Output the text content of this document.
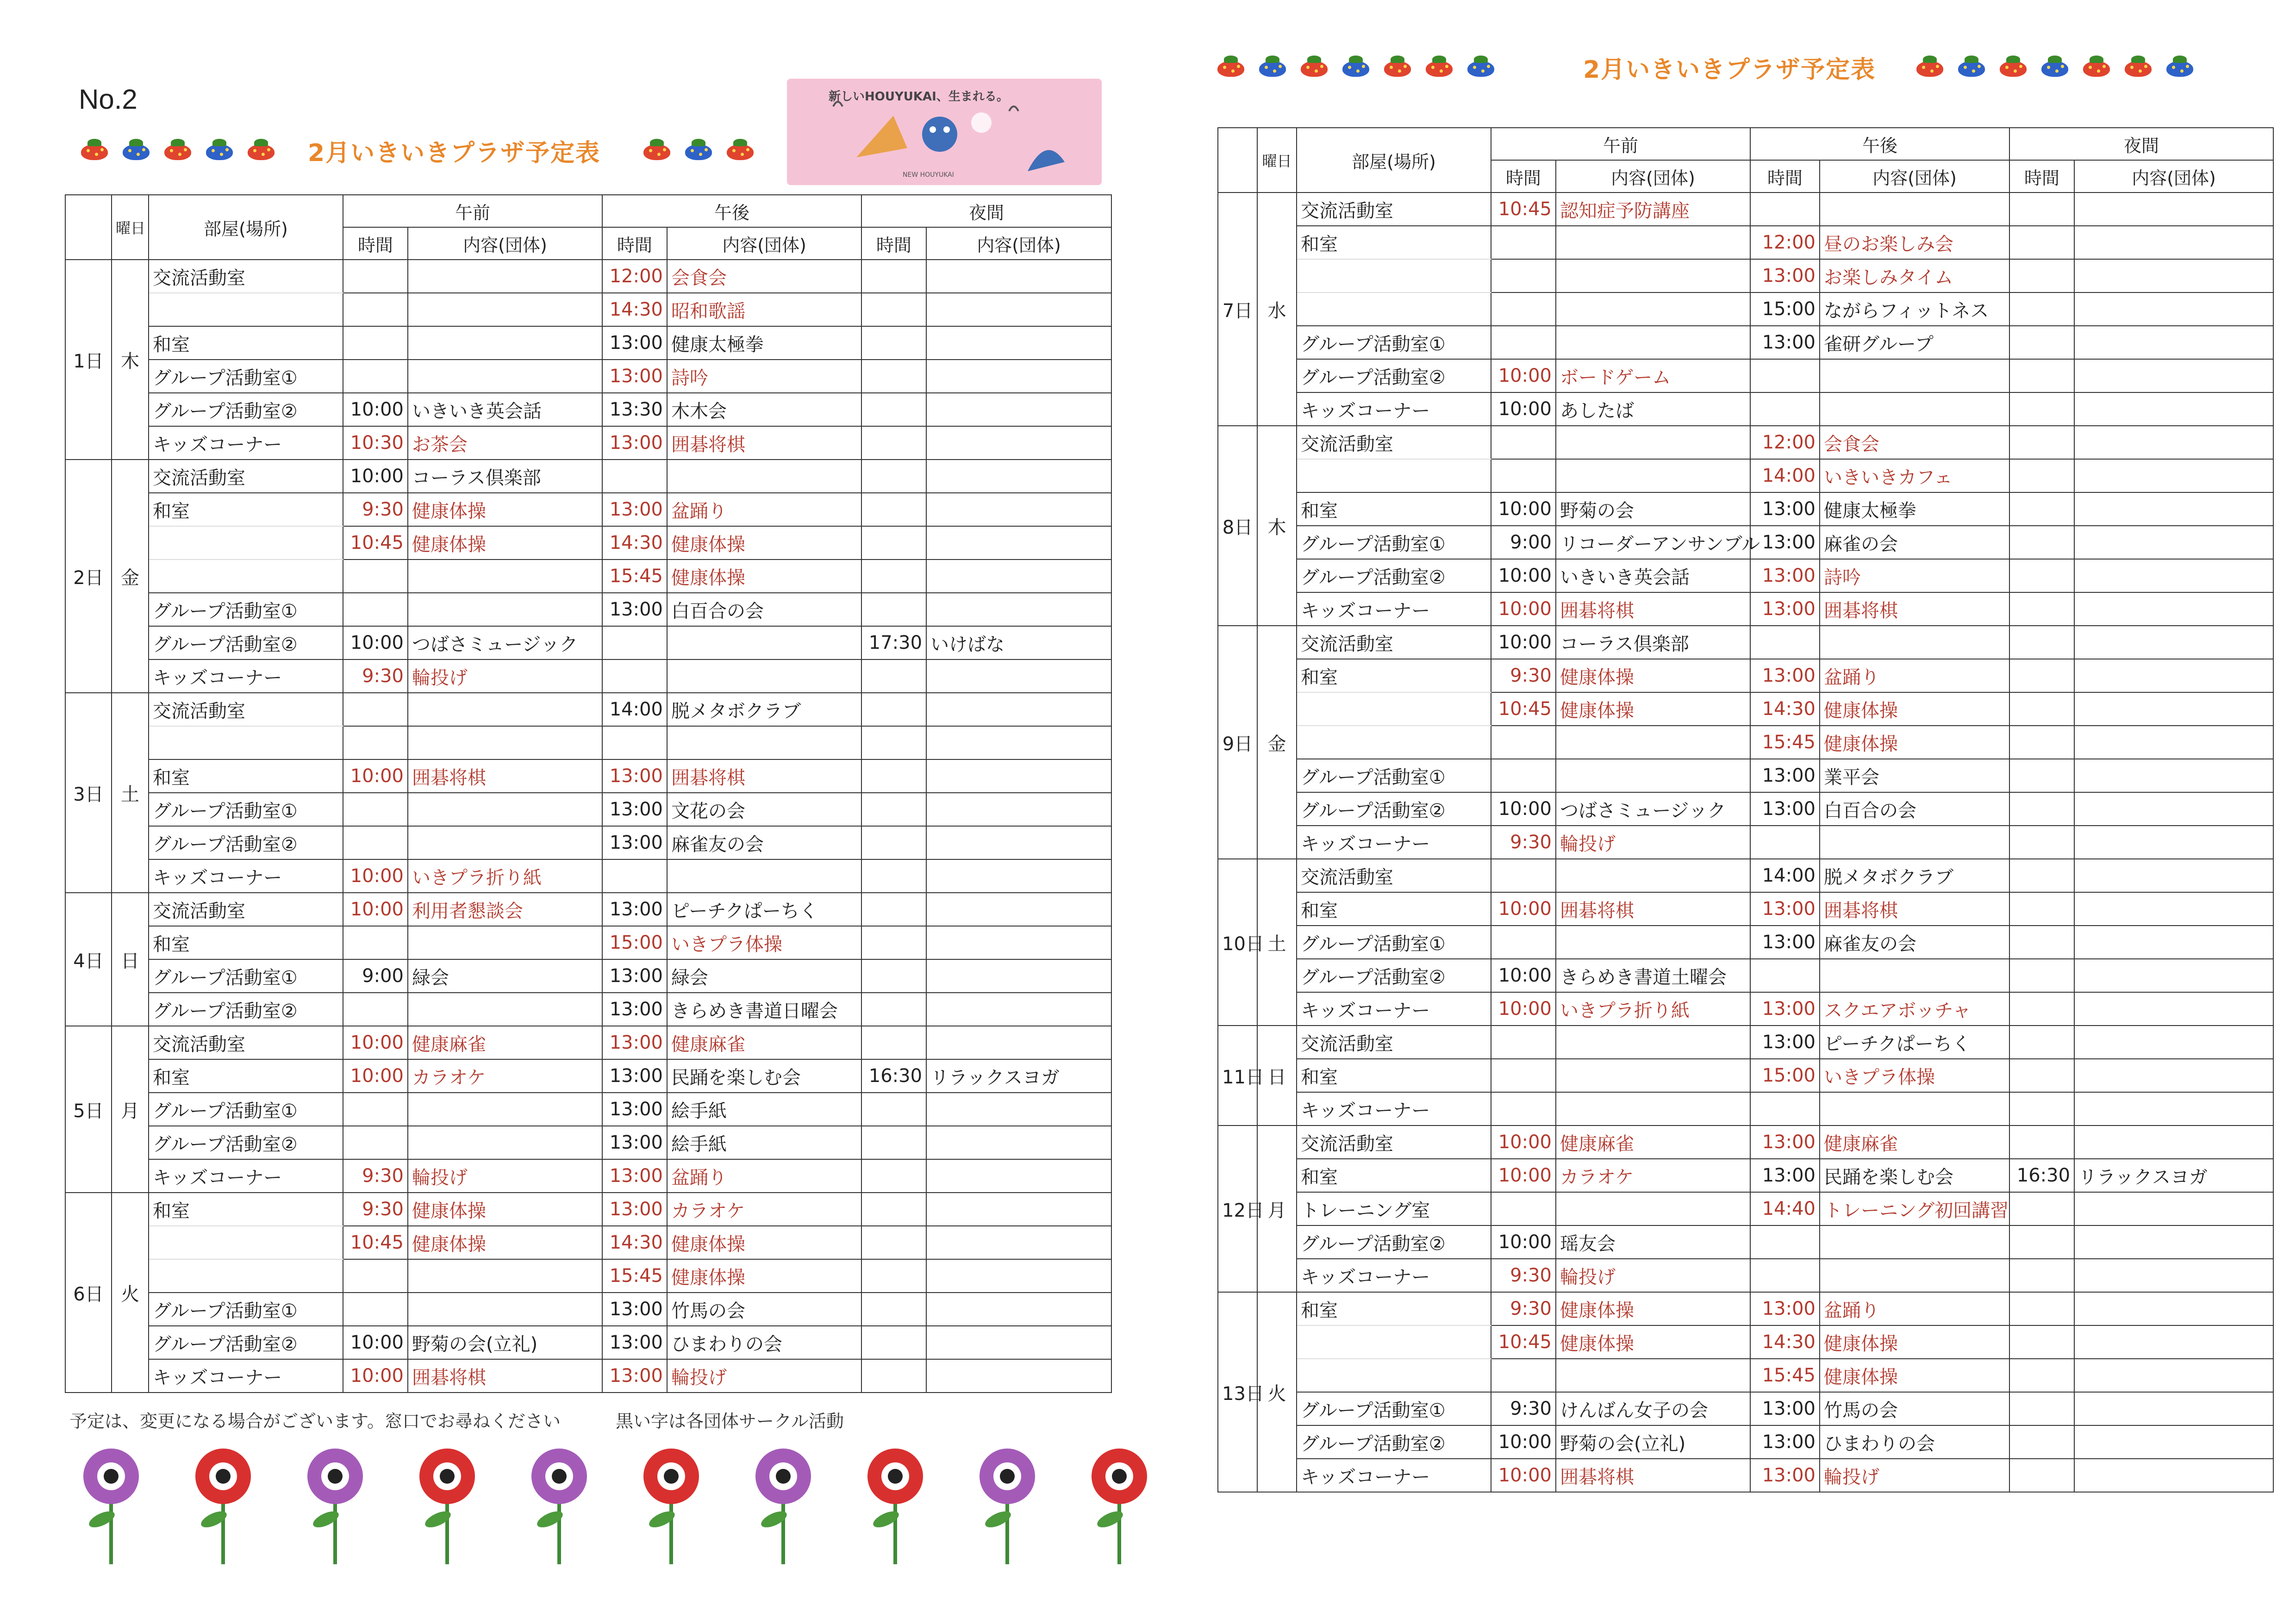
No.2
2月いきいきプラザ予定表
新しいHOUYUKAI、生まれる。
NEW HOUYUKAI
2月いきいきプラザ予定表
	曜日	部屋(場所)	午前		午後		夜間	
			時間	内容(団体)	時間	内容(団体)	時間	内容(団体)
1日	木	交流活動室			12:00	会食会		
					14:30	昭和歌謡		
		和室			13:00	健康太極拳		
		グループ活動室①			13:00	詩吟		
		グループ活動室②	10:00	いきいき英会話	13:30	木木会		
		キッズコーナー	10:30	お茶会	13:00	囲碁将棋		
2日	金	交流活動室	10:00	コーラス倶楽部				
		和室	9:30	健康体操	13:00	盆踊り		
			10:45	健康体操	14:30	健康体操		
					15:45	健康体操		
		グループ活動室①			13:00	白百合の会		
		グループ活動室②	10:00	つばさミュージック			17:30	いけばな
		キッズコーナー	9:30	輪投げ				
3日	土	交流活動室			14:00	脱メタボクラブ		

		和室	10:00	囲碁将棋	13:00	囲碁将棋		
		グループ活動室①			13:00	文花の会		
		グループ活動室②			13:00	麻雀友の会		
		キッズコーナー	10:00	いきプラ折り紙				
4日	日	交流活動室	10:00	利用者懇談会	13:00	ピーチクぱーちく		
		和室			15:00	いきプラ体操		
		グループ活動室①	9:00	緑会	13:00	緑会		
		グループ活動室②			13:00	きらめき書道日曜会		
5日	月	交流活動室	10:00	健康麻雀	13:00	健康麻雀		
		和室	10:00	カラオケ	13:00	民踊を楽しむ会	16:30	リラックスヨガ
		グループ活動室①			13:00	絵手紙		
		グループ活動室②			13:00	絵手紙		
		キッズコーナー	9:30	輪投げ	13:00	盆踊り		
6日	火	和室	9:30	健康体操	13:00	カラオケ		
			10:45	健康体操	14:30	健康体操		
					15:45	健康体操		
		グループ活動室①			13:00	竹馬の会		
		グループ活動室②	10:00	野菊の会(立礼)	13:00	ひまわりの会		
		キッズコーナー	10:00	囲碁将棋	13:00	輪投げ		
	曜日	部屋(場所)	午前		午後		夜間	
			時間	内容(団体)	時間	内容(団体)	時間	内容(団体)
7日	水	交流活動室	10:45	認知症予防講座				
		和室			12:00	昼のお楽しみ会		
					13:00	お楽しみタイム		
					15:00	ながらフィットネス		
		グループ活動室①			13:00	雀研グループ		
		グループ活動室②	10:00	ボードゲーム				
		キッズコーナー	10:00	あしたば				
8日	木	交流活動室			12:00	会食会		
					14:00	いきいきカフェ		
		和室	10:00	野菊の会	13:00	健康太極拳		
		グループ活動室①	9:00	リコーダーアンサンブル	13:00	麻雀の会		
		グループ活動室②	10:00	いきいき英会話	13:00	詩吟		
		キッズコーナー	10:00	囲碁将棋	13:00	囲碁将棋		
9日	金	交流活動室	10:00	コーラス倶楽部				
		和室	9:30	健康体操	13:00	盆踊り		
			10:45	健康体操	14:30	健康体操		
					15:45	健康体操		
		グループ活動室①			13:00	業平会		
		グループ活動室②	10:00	つばさミュージック	13:00	白百合の会		
		キッズコーナー	9:30	輪投げ				
10日	土	交流活動室			14:00	脱メタボクラブ		
		和室	10:00	囲碁将棋	13:00	囲碁将棋		
		グループ活動室①			13:00	麻雀友の会		
		グループ活動室②	10:00	きらめき書道土曜会				
		キッズコーナー	10:00	いきプラ折り紙	13:00	スクエアボッチャ		
11日	日	交流活動室			13:00	ピーチクぱーちく		
		和室			15:00	いきプラ体操		
		キッズコーナー						
12日	月	交流活動室	10:00	健康麻雀	13:00	健康麻雀		
		和室	10:00	カラオケ	13:00	民踊を楽しむ会	16:30	リラックスヨガ
		トレーニング室			14:40	トレーニング初回講習		
		グループ活動室②	10:00	瑶友会				
		キッズコーナー	9:30	輪投げ				
13日	火	和室	9:30	健康体操	13:00	盆踊り		
			10:45	健康体操	14:30	健康体操		
					15:45	健康体操		
		グループ活動室①	9:30	けんばん女子の会	13:00	竹馬の会		
		グループ活動室②	10:00	野菊の会(立礼)	13:00	ひまわりの会		
		キッズコーナー	10:00	囲碁将棋	13:00	輪投げ		
予定は、変更になる場合がございます。窓口でお尋ねください	黒い字は各団体サークル活動
